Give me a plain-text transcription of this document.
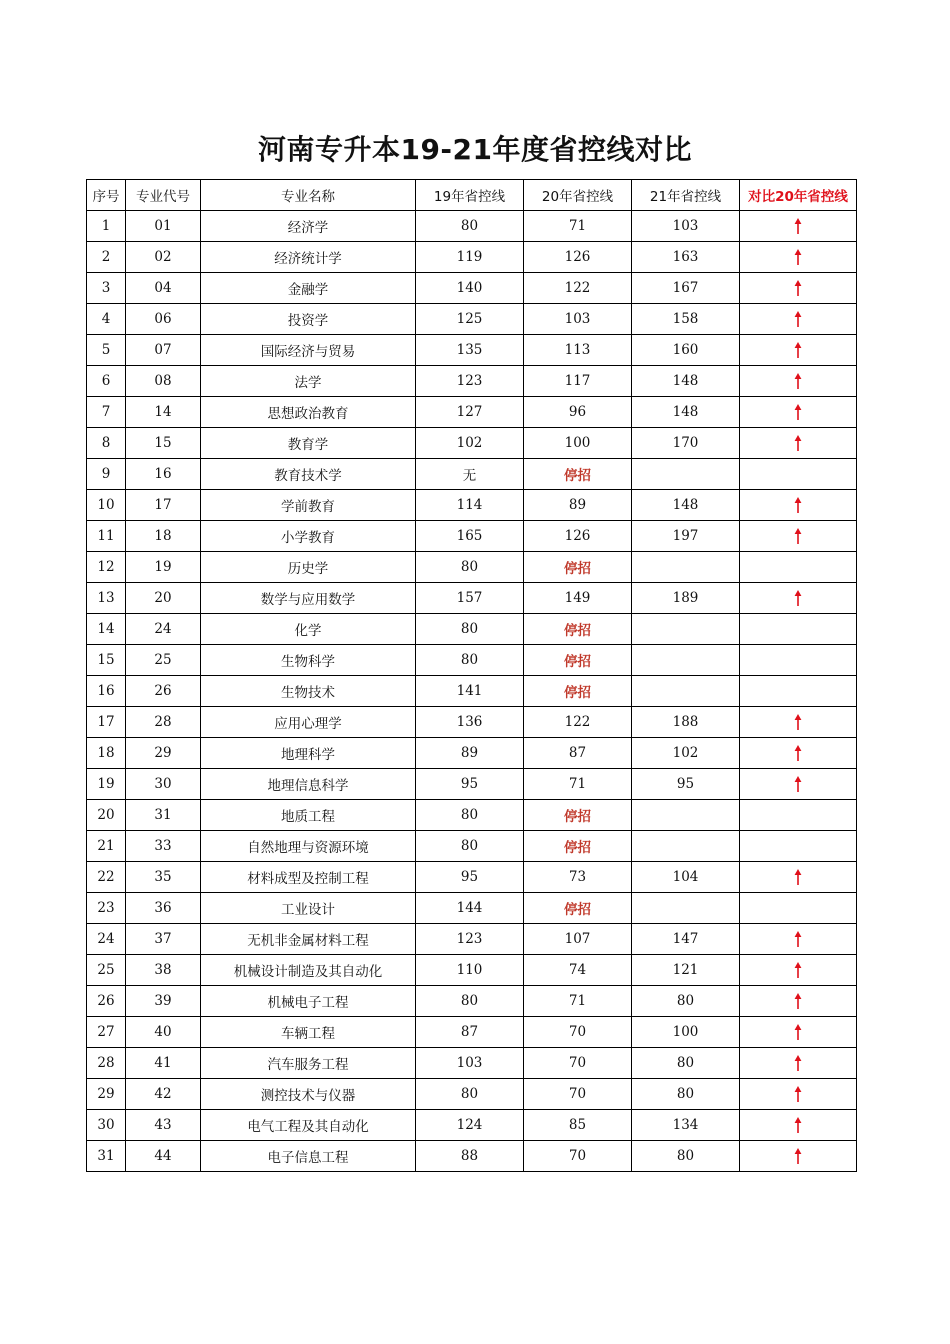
河南专升本19-21年度省控线对比
序号	专业代号	专业名称	19年省控线	20年省控线	21年省控线	对比20年省控线
1	01	经济学	80	71	103	
2	02	经济统计学	119	126	163	
3	04	金融学	140	122	167	
4	06	投资学	125	103	158	
5	07	国际经济与贸易	135	113	160	
6	08	法学	123	117	148	
7	14	思想政治教育	127	96	148	
8	15	教育学	102	100	170	
9	16	教育技术学	无	停招		
10	17	学前教育	114	89	148	
11	18	小学教育	165	126	197	
12	19	历史学	80	停招		
13	20	数学与应用数学	157	149	189	
14	24	化学	80	停招		
15	25	生物科学	80	停招		
16	26	生物技术	141	停招		
17	28	应用心理学	136	122	188	
18	29	地理科学	89	87	102	
19	30	地理信息科学	95	71	95	
20	31	地质工程	80	停招		
21	33	自然地理与资源环境	80	停招		
22	35	材料成型及控制工程	95	73	104	
23	36	工业设计	144	停招		
24	37	无机非金属材料工程	123	107	147	
25	38	机械设计制造及其自动化	110	74	121	
26	39	机械电子工程	80	71	80	
27	40	车辆工程	87	70	100	
28	41	汽车服务工程	103	70	80	
29	42	测控技术与仪器	80	70	80	
30	43	电气工程及其自动化	124	85	134	
31	44	电子信息工程	88	70	80	
